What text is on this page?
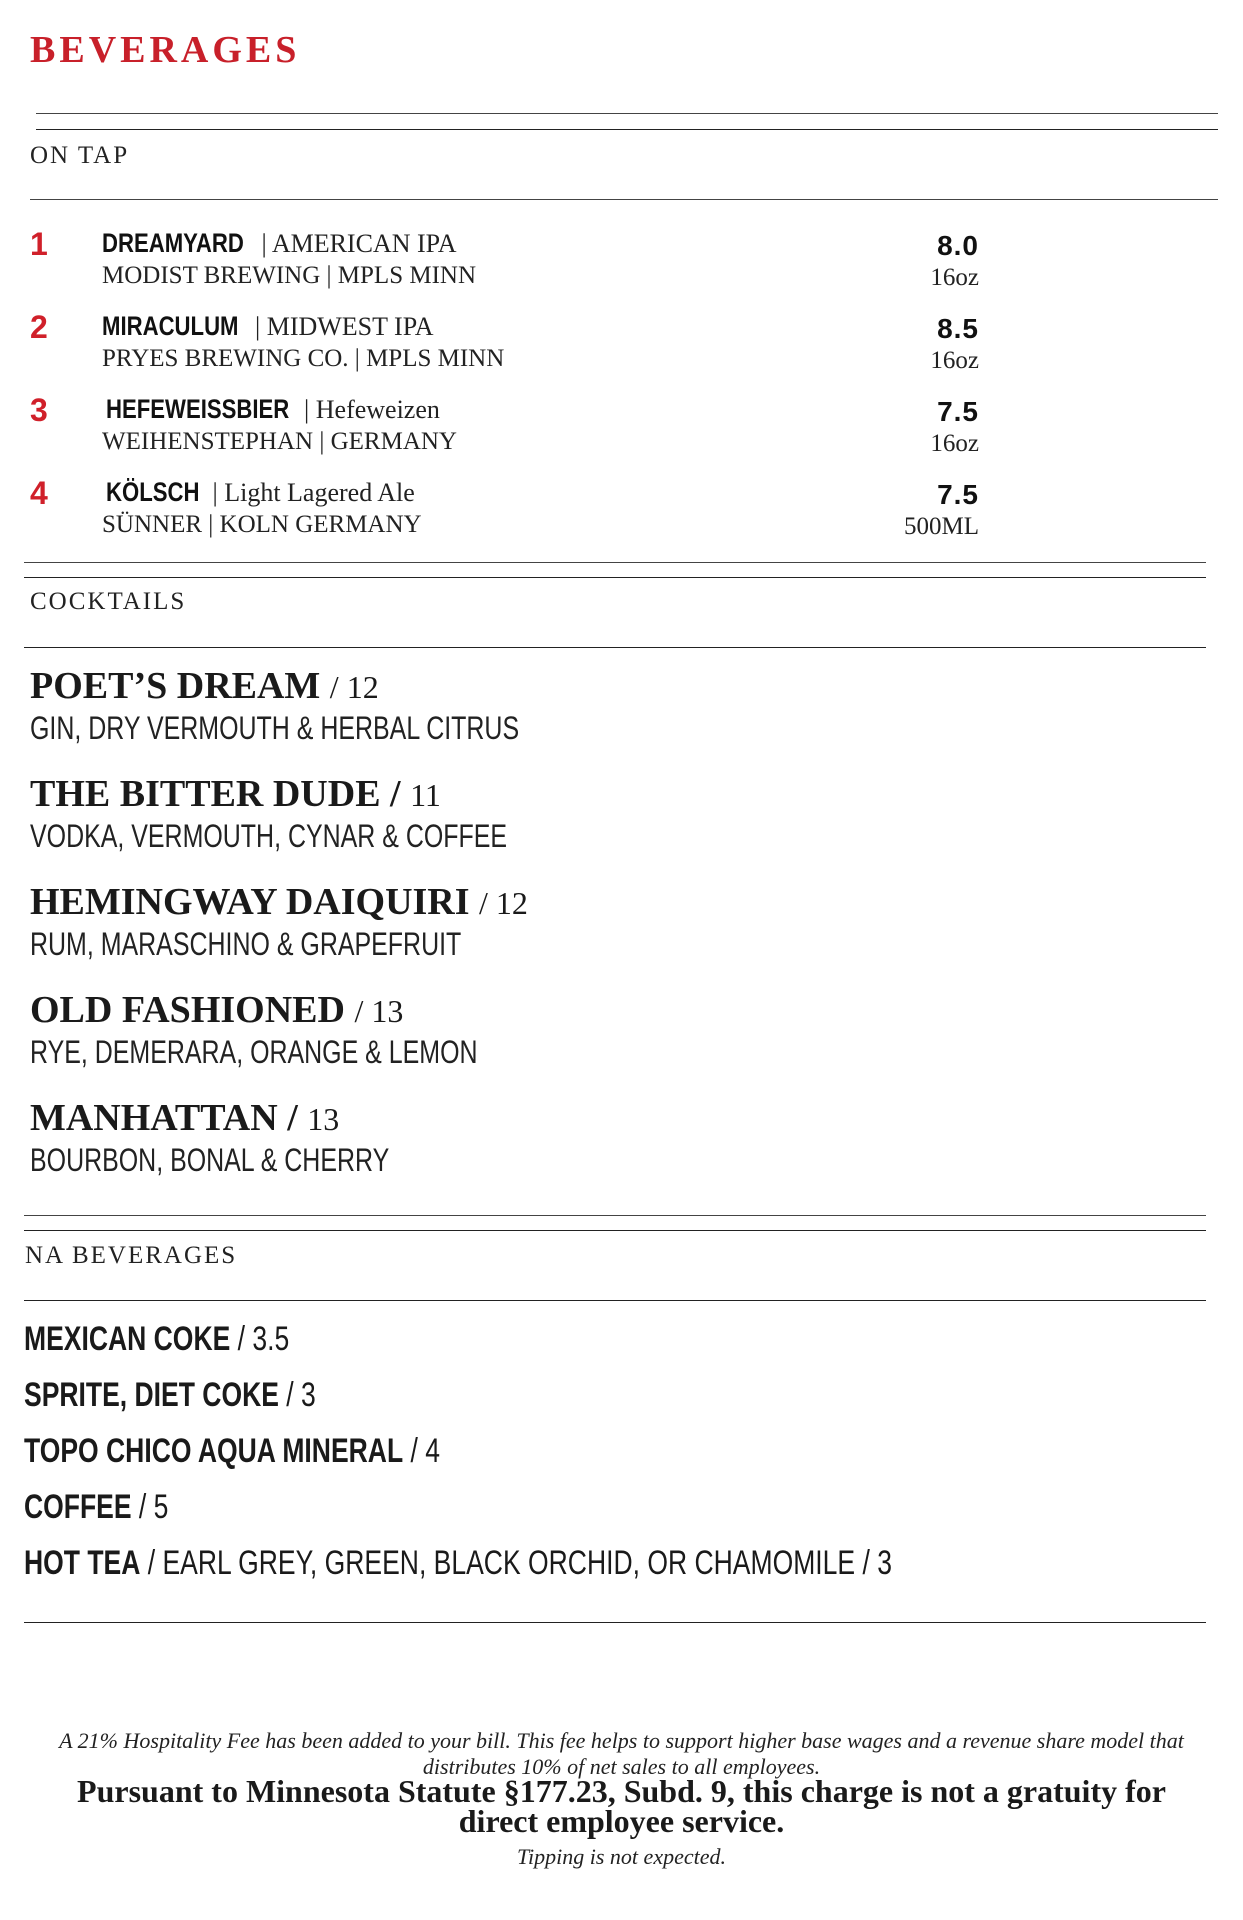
BEVERAGES
ON TAP
1 DREAMYARD | AMERICAN IPA
MODIST BREWING | MPLS MINN
8.0
16oz
2 MIRACULUM | MIDWEST IPA
PRYES BREWING CO. | MPLS MINN
8.5
16oz
3 HEFEWEISSBIER | Hefeweizen
WEIHENSTEPHAN | GERMANY
7.5
16oz
4 KÖLSCH | Light Lagered Ale
SÜNNER | KOLN GERMANY
7.5
500ML
COCKTAILS
POET’S DREAM / 12
GIN, DRY VERMOUTH & HERBAL CITRUS
THE BITTER DUDE / 11
VODKA, VERMOUTH, CYNAR & COFFEE
HEMINGWAY DAIQUIRI / 12
RUM, MARASCHINO & GRAPEFRUIT
OLD FASHIONED / 13
RYE, DEMERARA, ORANGE & LEMON
MANHATTAN / 13
BOURBON, BONAL & CHERRY
NA BEVERAGES
MEXICAN COKE / 3.5
SPRITE, DIET COKE / 3
TOPO CHICO AQUA MINERAL / 4
COFFEE / 5
HOT TEA / EARL GREY, GREEN, BLACK ORCHID, OR CHAMOMILE / 3
A 21% Hospitality Fee has been added to your bill. This fee helps to support higher base wages and a revenue share model that distributes 10% of net sales to all employees.
Pursuant to Minnesota Statute §177.23, Subd. 9, this charge is not a gratuity for direct employee service.
Tipping is not expected.
